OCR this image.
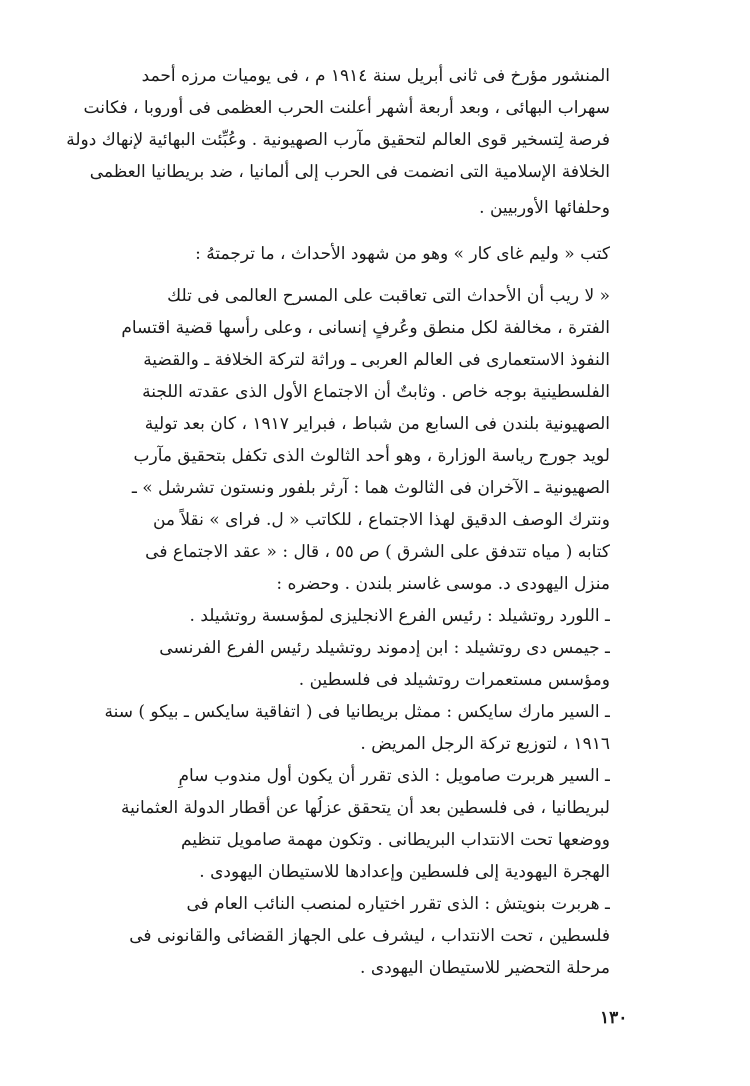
المنشور مؤرخ فى ثانى أبريل سنة ١٩١٤ م ، فى يوميات مرزه أحمد
سهراب البهائى ، وبعد أربعة أشهر أعلنت الحرب العظمى فى أوروبا ، فكانت
فرصة لِتسخير قوى العالم لتحقيق مآرب الصهيونية . وعُبِّئت البهائية لإنهاك دولة
الخلافة الإسلامية التى انضمت فى الحرب إلى ألمانيا ، ضد بريطانيا العظمى
وحلفائها الأوربيين .
كتب « وليم غاى كار » وهو من شهود الأحداث ، ما ترجمتهُ :
« لا ريب أن الأحداث التى تعاقبت على المسرح العالمى فى تلك
الفترة ، مخالفة لكل منطق وعُرفٍ إنسانى ، وعلى رأسها قضية اقتسام
النفوذ الاستعمارى فى العالم العربى ـ وراثة لتركة الخلافة ـ والقضية
الفلسطينية بوجه خاص . وثابتٌ أن الاجتماع الأول الذى عقدته اللجنة
الصهيونية بلندن فى السابع من شباط ، فبراير ١٩١٧ ، كان بعد تولية
لويد جورج رياسة الوزارة ، وهو أحد الثالوث الذى تكفل بتحقيق مآرب
الصهيونية ـ الآخران فى الثالوث هما : آرثر بلفور ونستون تشرشل » ـ
ونترك الوصف الدقيق لهذا الاجتماع ، للكاتب « ل. فراى » نقلاً من
كتابه ( مياه تتدفق على الشرق ) ص ٥٥ ، قال : « عقد الاجتماع فى
منزل اليهودى د. موسى غاسنر بلندن . وحضره :
ـ اللورد روتشيلد : رئيس الفرع الانجليزى لمؤسسة روتشيلد .
ـ جيمس دى روتشيلد : ابن إدموند روتشيلد رئيس الفرع الفرنسى
ومؤسس مستعمرات روتشيلد فى فلسطين .
ـ السير مارك سايكس : ممثل بريطانيا فى ( اتفاقية سايكس ـ بيكو ) سنة
١٩١٦ ، لتوزيع تركة الرجل المريض .
ـ السير هربرت صامويل : الذى تقرر أن يكون أول مندوب سامٍ
لبريطانيا ، فى فلسطين بعد أن يتحقق عزلُها عن أقطار الدولة العثمانية
ووضعها تحت الانتداب البريطانى . وتكون مهمة صامويل تنظيم
الهجرة اليهودية إلى فلسطين وإعدادها للاستيطان اليهودى .
ـ هربرت بنويتش : الذى تقرر اختياره لمنصب النائب العام فى
فلسطين ، تحت الانتداب ، ليشرف على الجهاز القضائى والقانونى فى
مرحلة التحضير للاستيطان اليهودى .
١٣٠
